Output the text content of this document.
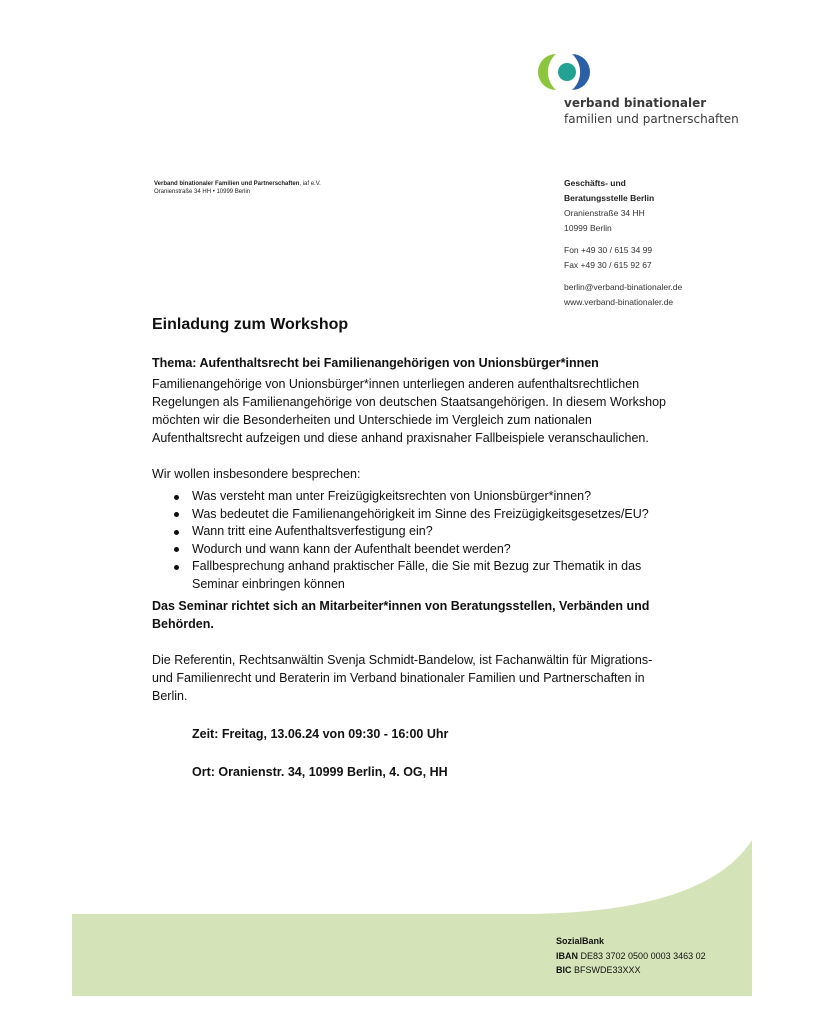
verband binationaler
familien und partnerschaften
Verband binationaler Familien und Partnerschaften, iaf e.V.
Oranienstraße 34 HH • 10999 Berlin
Geschäfts- und
Beratungsstelle Berlin
Oranienstraße 34 HH
10999 Berlin
Fon +49 30 / 615 34 99
Fax +49 30 / 615 92 67
berlin@verband-binationaler.de
www.verband-binationaler.de
Einladung zum Workshop
Thema: Aufenthaltsrecht bei Familienangehörigen von Unionsbürger*innen
Familienangehörige von Unionsbürger*innen unterliegen anderen aufenthaltsrechtlichen Regelungen als Familienangehörige von deutschen Staatsangehörigen. In diesem Workshop möchten wir die Besonderheiten und Unterschiede im Vergleich zum nationalen Aufenthaltsrecht aufzeigen und diese anhand praxisnaher Fallbeispiele veranschaulichen.
Wir wollen insbesondere besprechen:
Was versteht man unter Freizügigkeitsrechten von Unionsbürger*innen?
Was bedeutet die Familienangehörigkeit im Sinne des Freizügigkeitsgesetzes/EU?
Wann tritt eine Aufenthaltsverfestigung ein?
Wodurch und wann kann der Aufenthalt beendet werden?
Fallbesprechung anhand praktischer Fälle, die Sie mit Bezug zur Thematik in das Seminar einbringen können
Das Seminar richtet sich an Mitarbeiter*innen von Beratungsstellen, Verbänden und Behörden.
Die Referentin, Rechtsanwältin Svenja Schmidt-Bandelow, ist Fachanwältin für Migrations- und Familienrecht und Beraterin im Verband binationaler Familien und Partnerschaften in Berlin.
Zeit: Freitag, 13.06.24 von 09:30 - 16:00 Uhr
Ort: Oranienstr. 34, 10999 Berlin, 4. OG, HH
SozialBank
IBAN DE83 3702 0500 0003 3463 02
BIC BFSWDE33XXX
